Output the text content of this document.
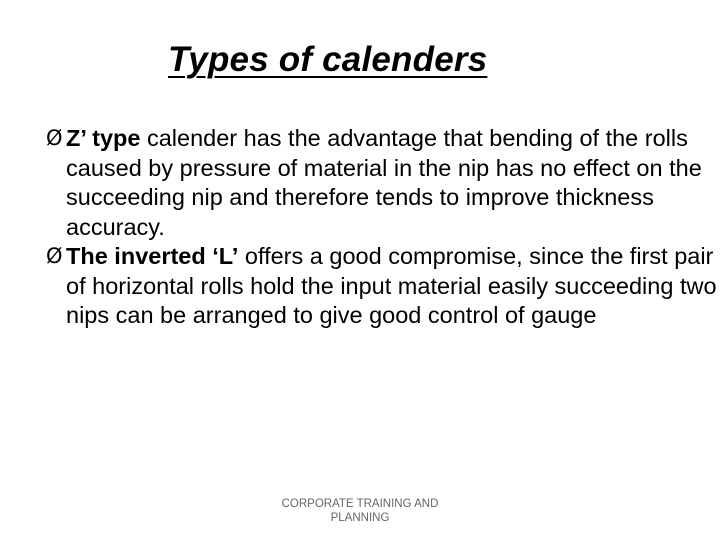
Types of calenders
Ø Z’ type calender has the advantage that bending of the rolls caused by pressure of material in the nip has no effect on the succeeding nip and therefore tends to improve thickness accuracy.
Ø The inverted ‘L’ offers a good compromise, since the first pair of horizontal rolls hold the input material easily succeeding two nips can be arranged to give good control of gauge
CORPORATE TRAINING AND
PLANNING
